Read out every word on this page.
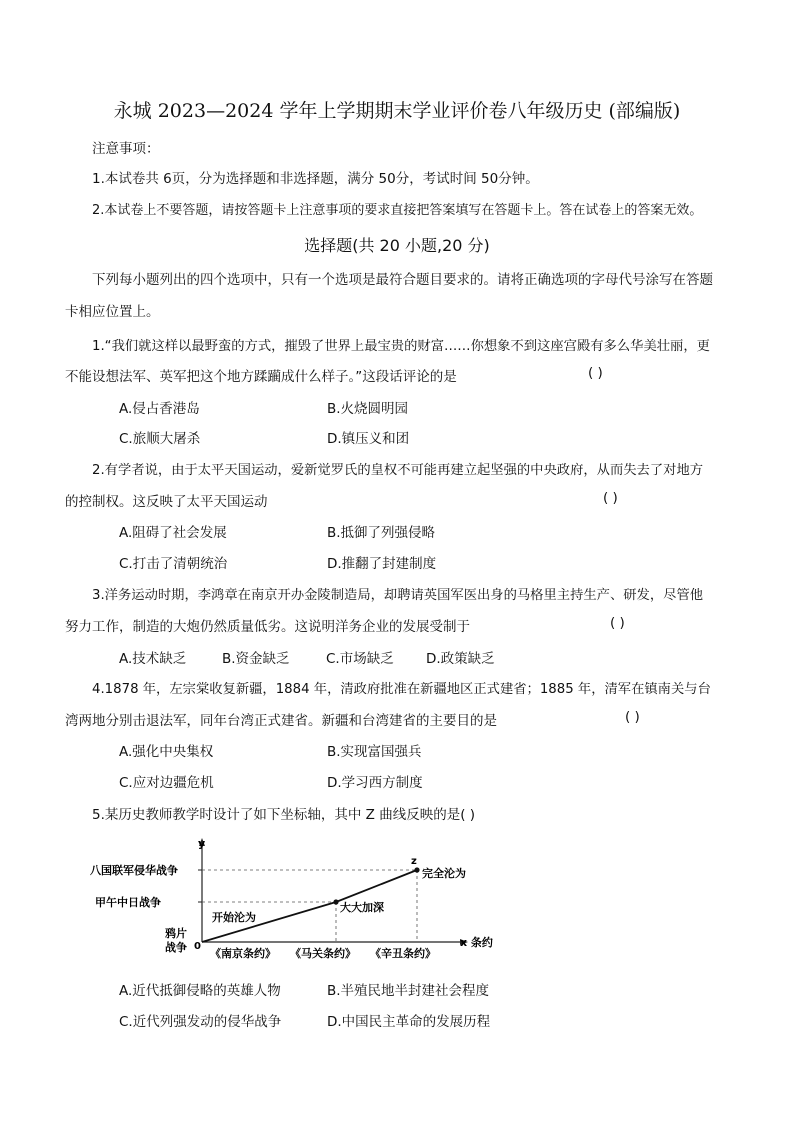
永城 2023—2024 学年上学期期末学业评价卷八年级历史 (部编版)
注意事项：
1.本试卷共 6页，分为选择题和非选择题，满分 50分，考试时间 50分钟。
2.本试卷上不要答题，请按答题卡上注意事项的要求直接把答案填写在答题卡上。答在试卷上的答案无效。
选择题(共 20 小题,20 分)
下列每小题列出的四个选项中，只有一个选项是最符合题目要求的。请将正确选项的字母代号涂写在答题
卡相应位置上。
1.“我们就这样以最野蛮的方式，摧毁了世界上最宝贵的财富……你想象不到这座宫殿有多么华美壮丽，更
不能设想法军、英军把这个地方蹂躏成什么样子。”这段话评论的是	( )
A.侵占香港岛	B.火烧圆明园
C.旅顺大屠杀	D.镇压义和团
2.有学者说，由于太平天国运动，爱新觉罗氏的皇权不可能再建立起坚强的中央政府，从而失去了对地方
的控制权。这反映了太平天国运动	( )
A.阻碍了社会发展	B.抵御了列强侵略
C.打击了清朝统治	D.推翻了封建制度
3.洋务运动时期，李鸿章在南京开办金陵制造局，却聘请英国军医出身的马格里主持生产、研发，尽管他
努力工作，制造的大炮仍然质量低劣。这说明洋务企业的发展受制于	( )
A.技术缺乏	B.资金缺乏	C.市场缺乏 D.政策缺乏
4.1878 年，左宗棠收复新疆，1884 年，清政府批准在新疆地区正式建省；1885 年，清军在镇南关与台
湾两地分别击退法军，同年台湾正式建省。新疆和台湾建省的主要目的是	( )
A.强化中央集权	B.实现富国强兵
C.应对边疆危机	D.学习西方制度
5.某历史教师教学时设计了如下坐标轴，其中 Z 曲线反映的是( )
y
x 条约
0
八国联军侵华战争
甲午中日战争
鸦片
战争 《南京条约》 《马关条约》 《辛丑条约》
开始沦为
大大加深
完全沦为
z
A.近代抵御侵略的英雄人物	B.半殖民地半封建社会程度
C.近代列强发动的侵华战争	D.中国民主革命的发展历程
